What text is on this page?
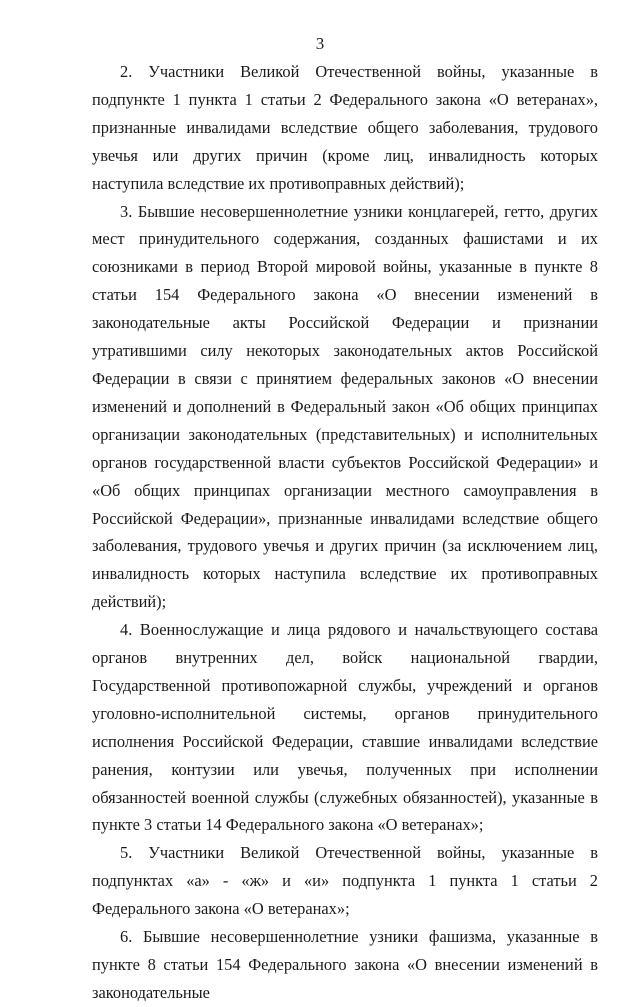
3

2. Участники Великой Отечественной войны, указанные в подпункте 1 пункта 1 статьи 2 Федерального закона «О ветеранах», признанные инвалидами вследствие общего заболевания, трудового увечья или других причин (кроме лиц, инвалидность которых наступила вследствие их противоправных действий);

3. Бывшие несовершеннолетние узники концлагерей, гетто, других мест принудительного содержания, созданных фашистами и их союзниками в период Второй мировой войны, указанные в пункте 8 статьи 154 Федерального закона «О внесении изменений в законодательные акты Российской Федерации и признании утратившими силу некоторых законодательных актов Российской Федерации в связи с принятием федеральных законов «О внесении изменений и дополнений в Федеральный закон «Об общих принципах организации законодательных (представительных) и исполнительных органов государственной власти субъектов Российской Федерации» и «Об общих принципах организации местного самоуправления в Российской Федерации», признанные инвалидами вследствие общего заболевания, трудового увечья и других причин (за исключением лиц, инвалидность которых наступила вследствие их противоправных действий);

4. Военнослужащие и лица рядового и начальствующего состава органов внутренних дел, войск национальной гвардии, Государственной противопожарной службы, учреждений и органов уголовно-исполнительной системы, органов принудительного исполнения Российской Федерации, ставшие инвалидами вследствие ранения, контузии или увечья, полученных при исполнении обязанностей военной службы (служебных обязанностей), указанные в пункте 3 статьи 14 Федерального закона «О ветеранах»;

5. Участники Великой Отечественной войны, указанные в подпунктах «а» - «ж» и «и» подпункта 1 пункта 1 статьи 2 Федерального закона «О ветеранах»;

6. Бывшие несовершеннолетние узники фашизма, указанные в пункте 8 статьи 154 Федерального закона «О внесении изменений в законодательные
